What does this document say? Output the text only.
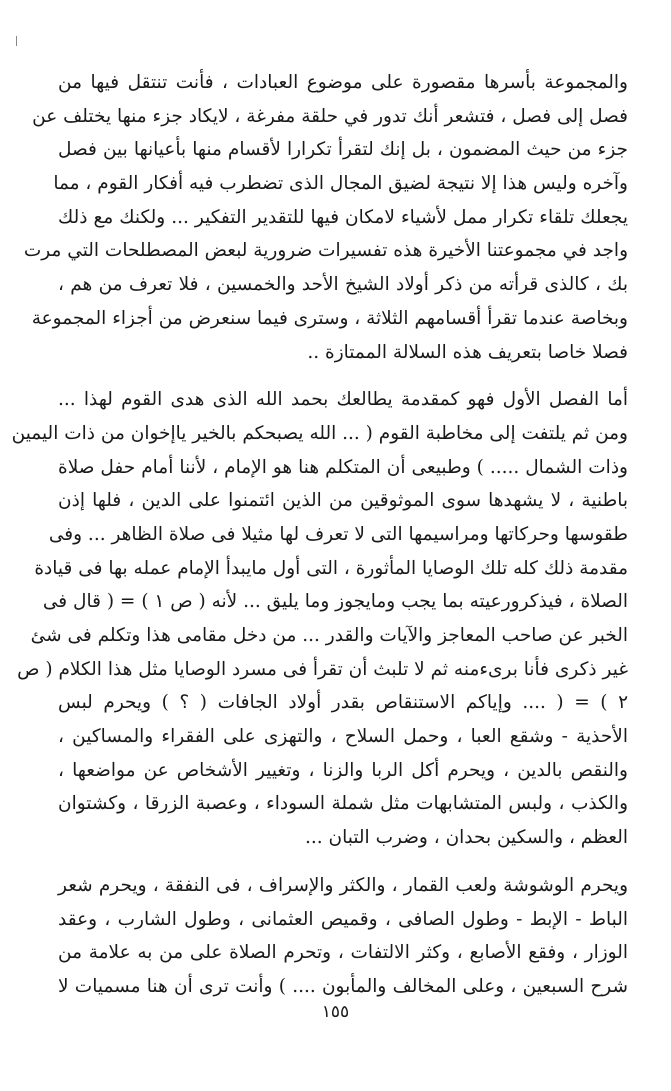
والمجموعة بأسرها مقصورة على موضوع العبادات ، فأنت تنتقل فيها من
فصل إلى فصل ، فتشعر أنك تدور في حلقة مفرغة ، لايكاد جزء منها يختلف عن
جزء من حيث المضمون ، بل إنك لتقرأ تكرارا لأقسام منها بأعيانها بين فصل
وآخره وليس هذا إلا نتيجة لضيق المجال الذى تضطرب فيه أفكار القوم ، مما
يجعلك تلقاء تكرار ممل لأشياء لامكان فيها للتقدير التفكير ... ولكنك مع ذلك
واجد في مجموعتنا الأخيرة هذه تفسيرات ضرورية لبعض المصطلحات التي مرت
بك ، كالذى قرأته من ذكر أولاد الشيخ الأحد والخمسين ، فلا تعرف من هم ،
وبخاصة عندما تقرأ أقسامهم الثلاثة ، وسترى فيما سنعرض من أجزاء المجموعة
فصلا خاصا بتعريف هذه السلالة الممتازة ..
أما الفصل الأول فهو كمقدمة يطالعك بحمد الله الذى هدى القوم لهذا ...
ومن ثم يلتفت إلى مخاطبة القوم ( ... الله يصبحكم بالخير ياإخوان من ذات اليمين
وذات الشمال ..... ) وطبيعى أن المتكلم هنا هو الإمام ، لأننا أمام حفل صلاة
باطنية ، لا يشهدها سوى الموثوقين من الذين ائتمنوا على الدين ، فلها إذن
طقوسها وحركاتها ومراسيمها التى لا تعرف لها مثيلا فى صلاة الظاهر ... وفى
مقدمة ذلك كله تلك الوصايا المأثورة ، التى أول مايبدأ الإمام عمله بها فى قيادة
الصلاة ، فيذكرورعيته بما يجب ومايجوز وما يليق ... لأنه ( ص ١ ) = ( قال فى
الخبر عن صاحب المعاجز والآيات والقدر ... من دخل مقامى هذا وتكلم فى شئ
غير ذكرى فأنا برىءمنه ثم لا تلبث أن تقرأ فى مسرد الوصايا مثل هذا الكلام ( ص
٢ ) = ( .... وإياكم الاستنقاص بقدر أولاد الجافات ( ؟ ) ويحرم لبس
الأحذية - وشقع العبا ، وحمل السلاح ، والتهزى على الفقراء والمساكين ،
والنقص بالدين ، ويحرم أكل الربا والزنا ، وتغيير الأشخاص عن مواضعها ،
والكذب ، ولبس المتشابهات مثل شملة السوداء ، وعصبة الزرقا ، وكشتوان
العظم ، والسكين بحدان ، وضرب التبان ...
ويحرم الوشوشة ولعب القمار ، والكثر والإسراف ، فى النفقة ، ويحرم شعر
الباط - الإبط - وطول الصافى ، وقميص العثمانى ، وطول الشارب ، وعقد
الوزار ، وفقع الأصابع ، وكثر الالتفات ، وتحرم الصلاة على من به علامة من
شرح السبعين ، وعلى المخالف والمأبون .... ) وأنت ترى أن هنا مسميات لا
١٥٥
